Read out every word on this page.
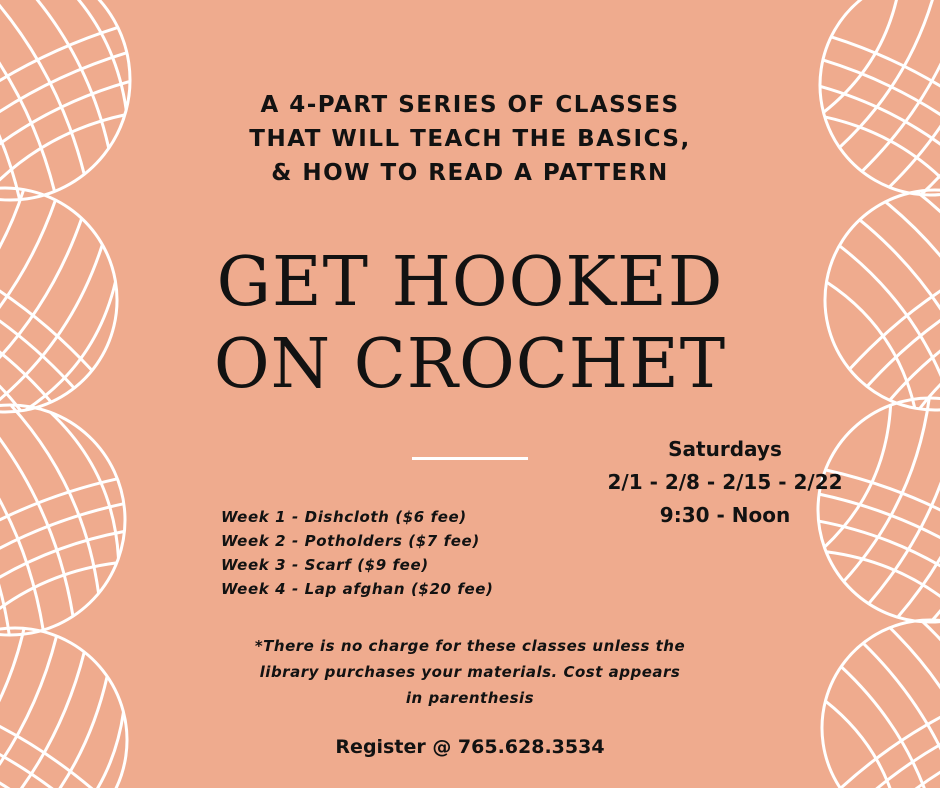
A 4-PART SERIES OF CLASSES
THAT WILL TEACH THE BASICS,
& HOW TO READ A PATTERN
GET HOOKED
ON CROCHET
Saturdays
2/1 - 2/8 - 2/15 - 2/22
9:30 - Noon
Week 1 - Dishcloth ($6 fee)
Week 2 - Potholders ($7 fee)
Week 3 - Scarf ($9 fee)
Week 4 - Lap afghan ($20 fee)
*There is no charge for these classes unless the
library purchases your materials. Cost appears
in parenthesis
Register @ 765.628.3534
